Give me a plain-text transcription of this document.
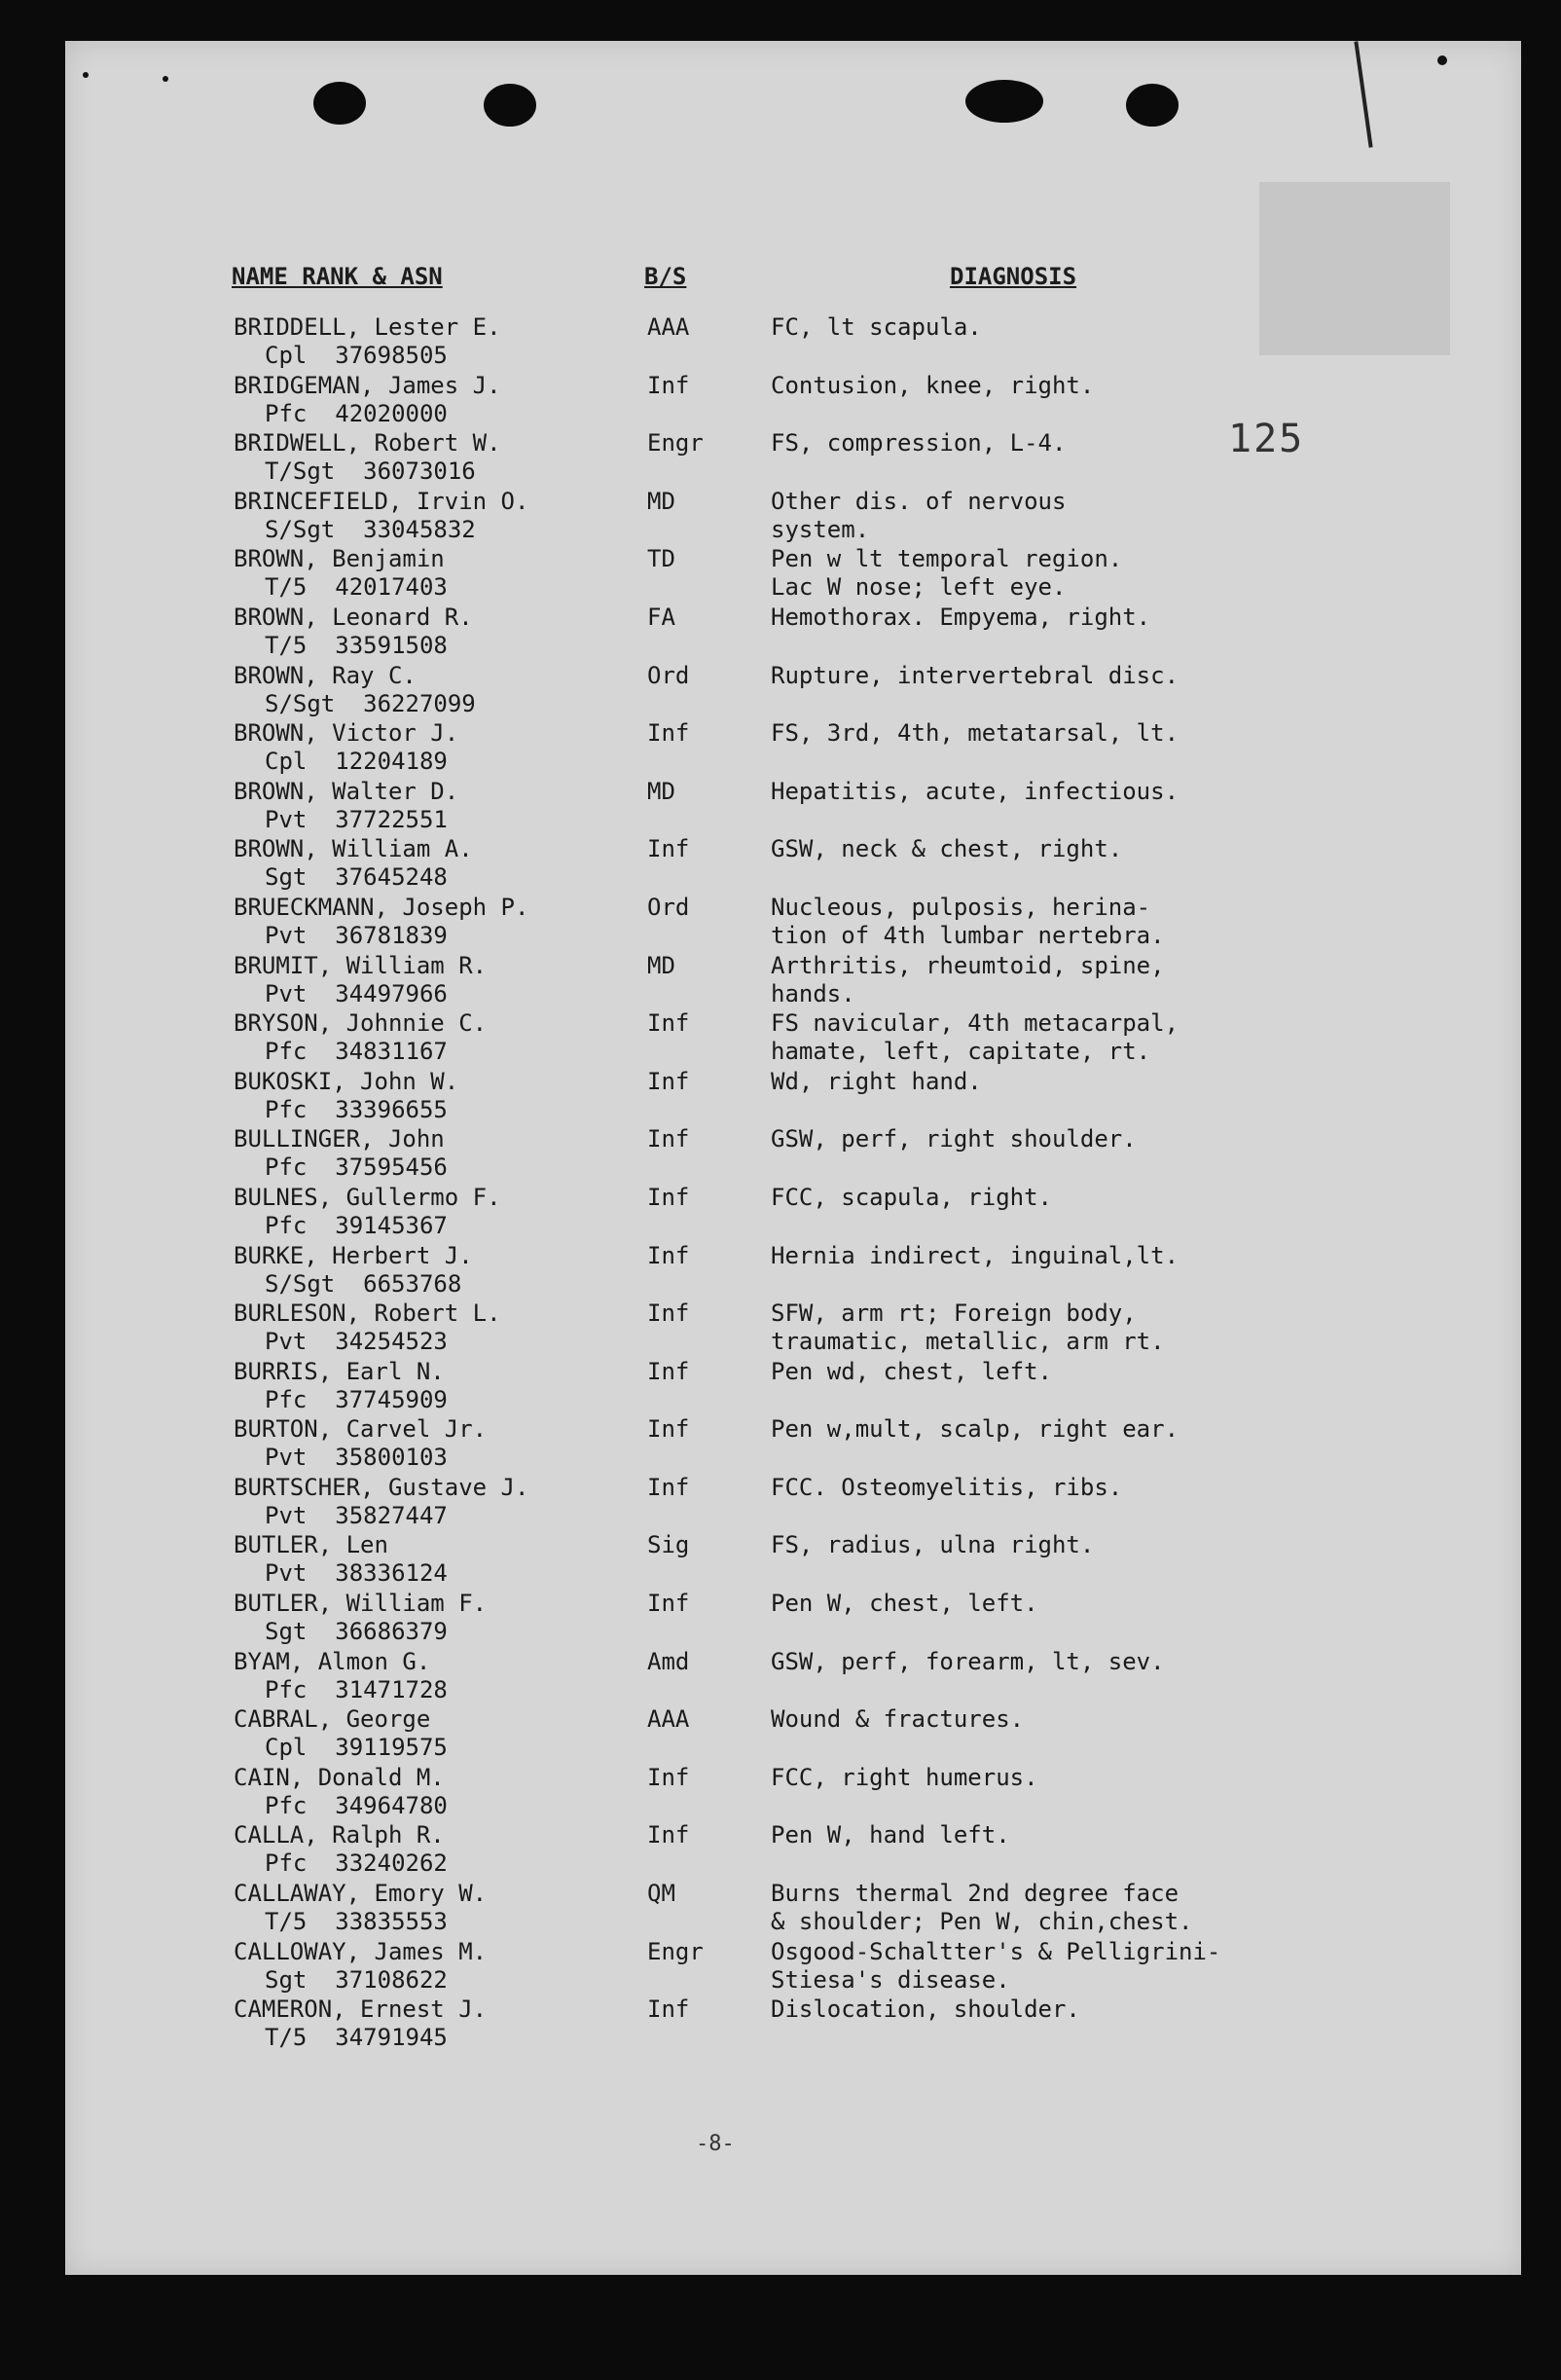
NAME RANK & ASN	B/S	DIAGNOSIS
125
BRIDDELL, Lester E.
Cpl 37698505
AAA	FC, lt scapula.
BRIDGEMAN, James J.
Pfc 42020000
Inf	Contusion, knee, right.
BRIDWELL, Robert W.
T/Sgt 36073016
Engr	FS, compression, L-4.
BRINCEFIELD, Irvin O.
S/Sgt 33045832
MD	Other dis. of nervous
system.
BROWN, Benjamin
T/5 42017403
TD	Pen w lt temporal region.
Lac W nose; left eye.
BROWN, Leonard R.
T/5 33591508
FA	Hemothorax. Empyema, right.
BROWN, Ray C.
S/Sgt 36227099
Ord	Rupture, intervertebral disc.
BROWN, Victor J.
Cpl 12204189
Inf	FS, 3rd, 4th, metatarsal, lt.
BROWN, Walter D.
Pvt 37722551
MD	Hepatitis, acute, infectious.
BROWN, William A.
Sgt 37645248
Inf	GSW, neck & chest, right.
BRUECKMANN, Joseph P.
Pvt 36781839
Ord	Nucleous, pulposis, herina-
tion of 4th lumbar nertebra.
BRUMIT, William R.
Pvt 34497966
MD	Arthritis, rheumtoid, spine,
hands.
BRYSON, Johnnie C.
Pfc 34831167
Inf	FS navicular, 4th metacarpal,
hamate, left, capitate, rt.
BUKOSKI, John W.
Pfc 33396655
Inf	Wd, right hand.
BULLINGER, John
Pfc 37595456
Inf	GSW, perf, right shoulder.
BULNES, Gullermo F.
Pfc 39145367
Inf	FCC, scapula, right.
BURKE, Herbert J.
S/Sgt 6653768
Inf	Hernia indirect, inguinal,lt.
BURLESON, Robert L.
Pvt 34254523
Inf	SFW, arm rt; Foreign body,
traumatic, metallic, arm rt.
BURRIS, Earl N.
Pfc 37745909
Inf	Pen wd, chest, left.
BURTON, Carvel Jr.
Pvt 35800103
Inf	Pen w,mult, scalp, right ear.
BURTSCHER, Gustave J.
Pvt 35827447
Inf	FCC. Osteomyelitis, ribs.
BUTLER, Len
Pvt 38336124
Sig	FS, radius, ulna right.
BUTLER, William F.
Sgt 36686379
Inf	Pen W, chest, left.
BYAM, Almon G.
Pfc 31471728
Amd	GSW, perf, forearm, lt, sev.
CABRAL, George
Cpl 39119575
AAA	Wound & fractures.
CAIN, Donald M.
Pfc 34964780
Inf	FCC, right humerus.
CALLA, Ralph R.
Pfc 33240262
Inf	Pen W, hand left.
CALLAWAY, Emory W.
T/5 33835553
QM	Burns thermal 2nd degree face
& shoulder; Pen W, chin,chest.
CALLOWAY, James M.
Sgt 37108622
Engr	Osgood-Schaltter's & Pelligrini-
Stiesa's disease.
CAMERON, Ernest J.
T/5 34791945
Inf	Dislocation, shoulder.
-8-
